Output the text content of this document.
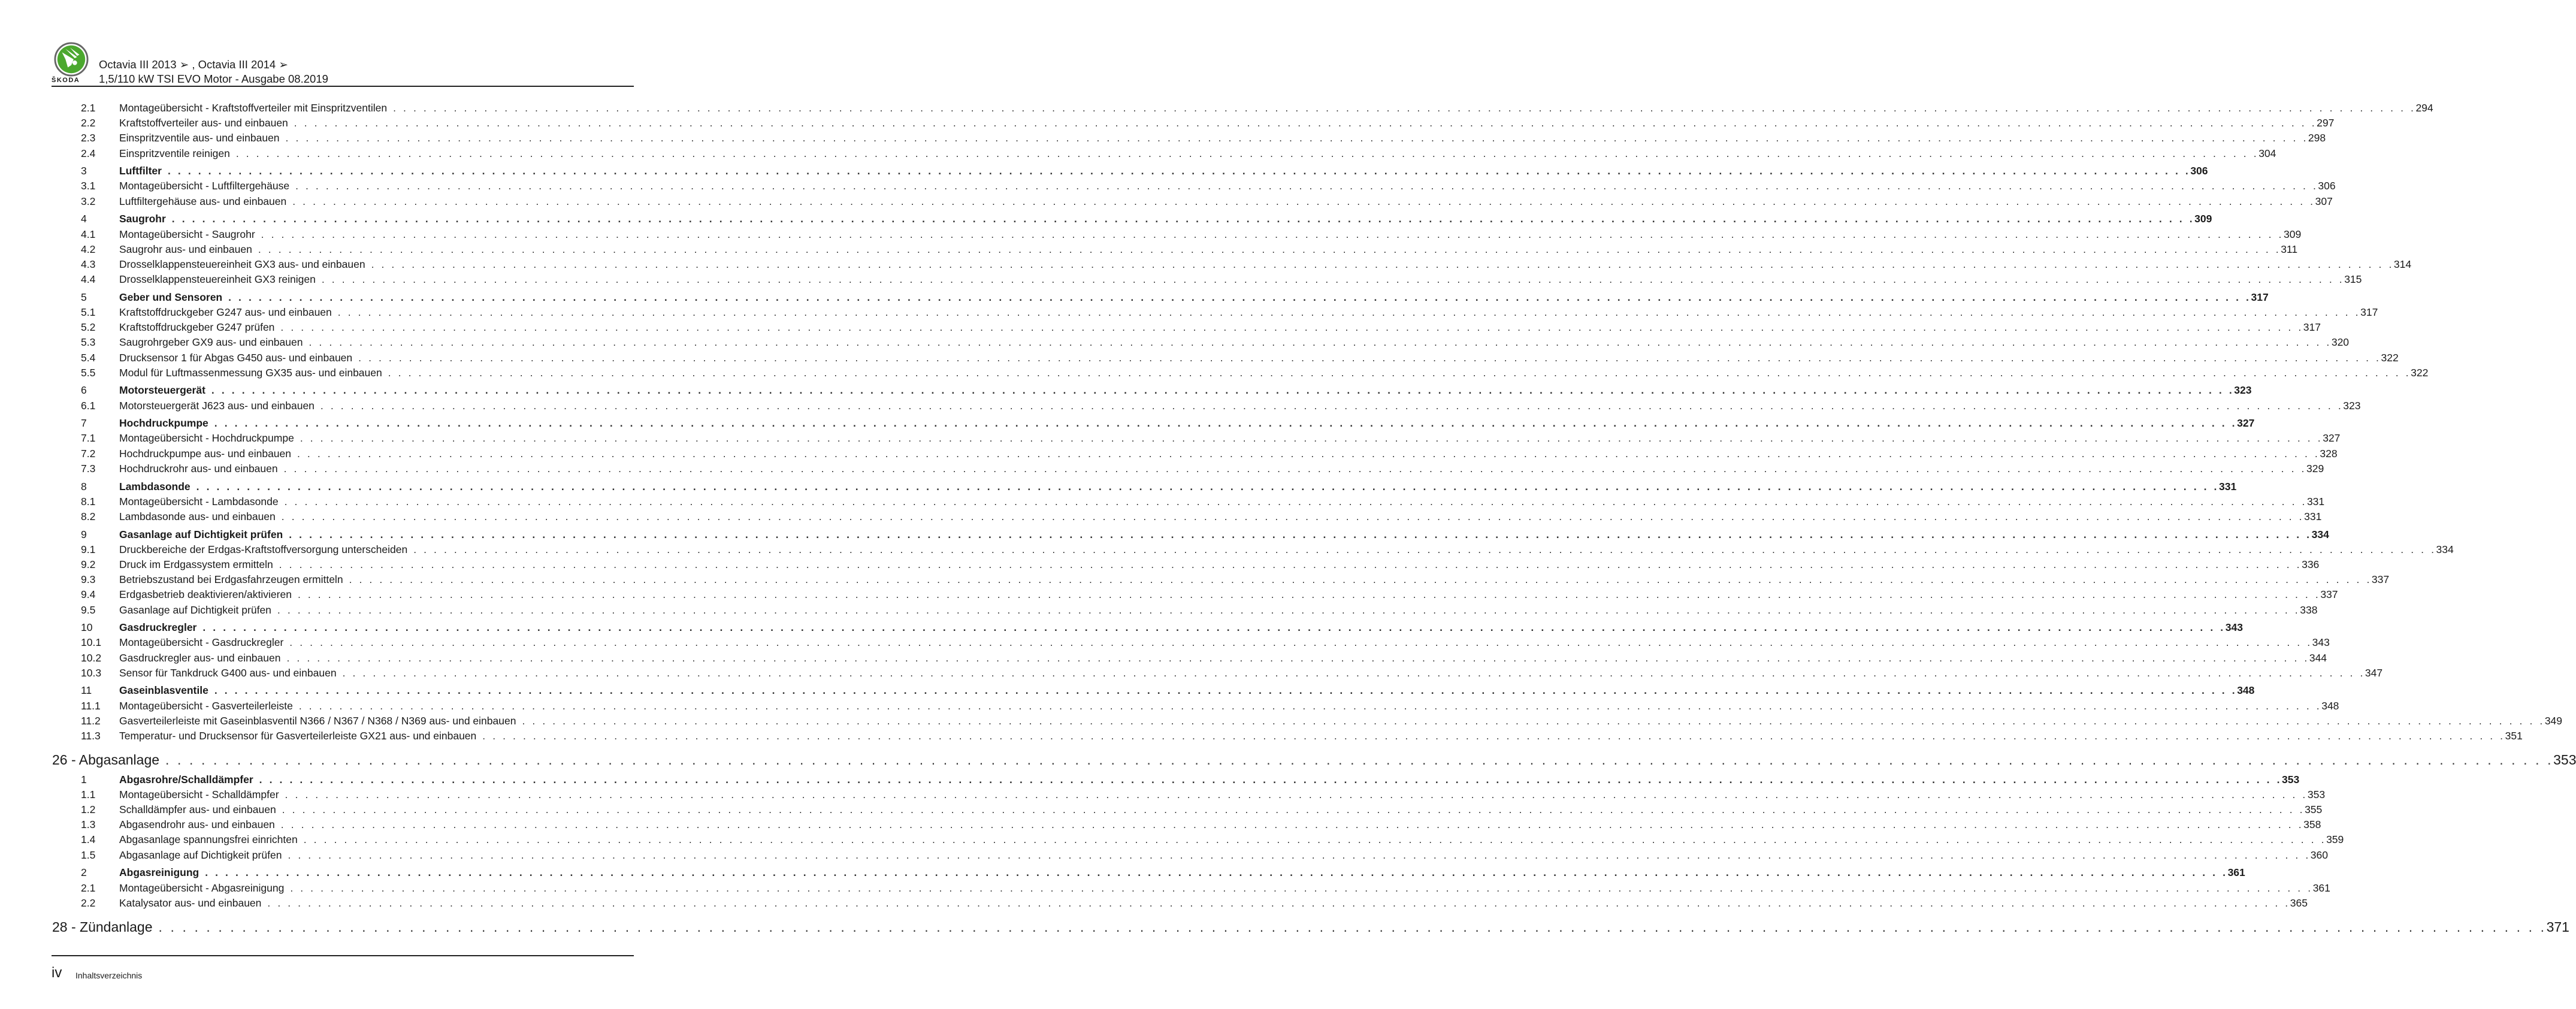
ŠKODA
Octavia III 2013 ➢ , Octavia III 2014 ➢
1,5/110 kW TSI EVO Motor - Ausgabe 08.2019
2.1 Montageübersicht - Kraftstoffverteiler mit Einspritzventilen . . . . . . . . . . . . . . . . . . . . . . . . . . . . . . . . . . . . . . . . . . . . . . . . . . . . . . . . . . . . . . . . . . . . . . . . . . . . . . . . . . . . . . . . . . . . . . . . . . . . . . . . . . . . . . . . . . . . . . . . . . . . . . . . . . . . . . . . . . . . . . . . . . . . . . . . . . . . . . . . . . . . . . . . . . . . . . . . . . . . . . . . . . . . . . . . . . . . . . . . 294
2.2 Kraftstoffverteiler aus- und einbauen . . . . . . . . . . . . . . . . . . . . . . . . . . . . . . . . . . . . . . . . . . . . . . . . . . . . . . . . . . . . . . . . . . . . . . . . . . . . . . . . . . . . . . . . . . . . . . . . . . . . . . . . . . . . . . . . . . . . . . . . . . . . . . . . . . . . . . . . . . . . . . . . . . . . . . . . . . . . . . . . . . . . . . . . . . . . . . . . . . . . . . . . . . . . . . . . . . . . . . . . 297
2.3 Einspritzventile aus- und einbauen . . . . . . . . . . . . . . . . . . . . . . . . . . . . . . . . . . . . . . . . . . . . . . . . . . . . . . . . . . . . . . . . . . . . . . . . . . . . . . . . . . . . . . . . . . . . . . . . . . . . . . . . . . . . . . . . . . . . . . . . . . . . . . . . . . . . . . . . . . . . . . . . . . . . . . . . . . . . . . . . . . . . . . . . . . . . . . . . . . . . . . . . . . . . . . . . . . . . . . . . 298
2.4 Einspritzventile reinigen . . . . . . . . . . . . . . . . . . . . . . . . . . . . . . . . . . . . . . . . . . . . . . . . . . . . . . . . . . . . . . . . . . . . . . . . . . . . . . . . . . . . . . . . . . . . . . . . . . . . . . . . . . . . . . . . . . . . . . . . . . . . . . . . . . . . . . . . . . . . . . . . . . . . . . . . . . . . . . . . . . . . . . . . . . . . . . . . . . . . . . . . . . . . . . . . . . . . . . . . 304
3	Luftfilter . . . . . . . . . . . . . . . . . . . . . . . . . . . . . . . . . . . . . . . . . . . . . . . . . . . . . . . . . . . . . . . . . . . . . . . . . . . . . . . . . . . . . . . . . . . . . . . . . . . . . . . . . . . . . . . . . . . . . . . . . . . . . . . . . . . . . . . . . . . . . . . . . . . . . . . . . . . . . . . . . . . . . . . . . . . . . . . . . . . . . . . . . . . . . . . . . . . . . . . . 306
3.1 Montageübersicht - Luftfiltergehäuse . . . . . . . . . . . . . . . . . . . . . . . . . . . . . . . . . . . . . . . . . . . . . . . . . . . . . . . . . . . . . . . . . . . . . . . . . . . . . . . . . . . . . . . . . . . . . . . . . . . . . . . . . . . . . . . . . . . . . . . . . . . . . . . . . . . . . . . . . . . . . . . . . . . . . . . . . . . . . . . . . . . . . . . . . . . . . . . . . . . . . . . . . . . . . . . . . . . . . . . . 306
3.2 Luftfiltergehäuse aus- und einbauen . . . . . . . . . . . . . . . . . . . . . . . . . . . . . . . . . . . . . . . . . . . . . . . . . . . . . . . . . . . . . . . . . . . . . . . . . . . . . . . . . . . . . . . . . . . . . . . . . . . . . . . . . . . . . . . . . . . . . . . . . . . . . . . . . . . . . . . . . . . . . . . . . . . . . . . . . . . . . . . . . . . . . . . . . . . . . . . . . . . . . . . . . . . . . . . . . . . . . . . . 307
4	Saugrohr . . . . . . . . . . . . . . . . . . . . . . . . . . . . . . . . . . . . . . . . . . . . . . . . . . . . . . . . . . . . . . . . . . . . . . . . . . . . . . . . . . . . . . . . . . . . . . . . . . . . . . . . . . . . . . . . . . . . . . . . . . . . . . . . . . . . . . . . . . . . . . . . . . . . . . . . . . . . . . . . . . . . . . . . . . . . . . . . . . . . . . . . . . . . . . . . . . . . . . . . 309
4.1 Montageübersicht - Saugrohr . . . . . . . . . . . . . . . . . . . . . . . . . . . . . . . . . . . . . . . . . . . . . . . . . . . . . . . . . . . . . . . . . . . . . . . . . . . . . . . . . . . . . . . . . . . . . . . . . . . . . . . . . . . . . . . . . . . . . . . . . . . . . . . . . . . . . . . . . . . . . . . . . . . . . . . . . . . . . . . . . . . . . . . . . . . . . . . . . . . . . . . . . . . . . . . . . . . . . . . . 309
4.2 Saugrohr aus- und einbauen . . . . . . . . . . . . . . . . . . . . . . . . . . . . . . . . . . . . . . . . . . . . . . . . . . . . . . . . . . . . . . . . . . . . . . . . . . . . . . . . . . . . . . . . . . . . . . . . . . . . . . . . . . . . . . . . . . . . . . . . . . . . . . . . . . . . . . . . . . . . . . . . . . . . . . . . . . . . . . . . . . . . . . . . . . . . . . . . . . . . . . . . . . . . . . . . . . . . . . . . 311
4.3 Drosselklappensteuereinheit GX3 aus- und einbauen . . . . . . . . . . . . . . . . . . . . . . . . . . . . . . . . . . . . . . . . . . . . . . . . . . . . . . . . . . . . . . . . . . . . . . . . . . . . . . . . . . . . . . . . . . . . . . . . . . . . . . . . . . . . . . . . . . . . . . . . . . . . . . . . . . . . . . . . . . . . . . . . . . . . . . . . . . . . . . . . . . . . . . . . . . . . . . . . . . . . . . . . . . . . . . . . . . . . . . . . 314
4.4 Drosselklappensteuereinheit GX3 reinigen . . . . . . . . . . . . . . . . . . . . . . . . . . . . . . . . . . . . . . . . . . . . . . . . . . . . . . . . . . . . . . . . . . . . . . . . . . . . . . . . . . . . . . . . . . . . . . . . . . . . . . . . . . . . . . . . . . . . . . . . . . . . . . . . . . . . . . . . . . . . . . . . . . . . . . . . . . . . . . . . . . . . . . . . . . . . . . . . . . . . . . . . . . . . . . . . . . . . . . . . 315
5	Geber und Sensoren . . . . . . . . . . . . . . . . . . . . . . . . . . . . . . . . . . . . . . . . . . . . . . . . . . . . . . . . . . . . . . . . . . . . . . . . . . . . . . . . . . . . . . . . . . . . . . . . . . . . . . . . . . . . . . . . . . . . . . . . . . . . . . . . . . . . . . . . . . . . . . . . . . . . . . . . . . . . . . . . . . . . . . . . . . . . . . . . . . . . . . . . . . . . . . . . . . . . . . . . 317
5.1 Kraftstoffdruckgeber G247 aus- und einbauen . . . . . . . . . . . . . . . . . . . . . . . . . . . . . . . . . . . . . . . . . . . . . . . . . . . . . . . . . . . . . . . . . . . . . . . . . . . . . . . . . . . . . . . . . . . . . . . . . . . . . . . . . . . . . . . . . . . . . . . . . . . . . . . . . . . . . . . . . . . . . . . . . . . . . . . . . . . . . . . . . . . . . . . . . . . . . . . . . . . . . . . . . . . . . . . . . . . . . . . . 317
5.2 Kraftstoffdruckgeber G247 prüfen . . . . . . . . . . . . . . . . . . . . . . . . . . . . . . . . . . . . . . . . . . . . . . . . . . . . . . . . . . . . . . . . . . . . . . . . . . . . . . . . . . . . . . . . . . . . . . . . . . . . . . . . . . . . . . . . . . . . . . . . . . . . . . . . . . . . . . . . . . . . . . . . . . . . . . . . . . . . . . . . . . . . . . . . . . . . . . . . . . . . . . . . . . . . . . . . . . . . . . . . 317
5.3 Saugrohrgeber GX9 aus- und einbauen . . . . . . . . . . . . . . . . . . . . . . . . . . . . . . . . . . . . . . . . . . . . . . . . . . . . . . . . . . . . . . . . . . . . . . . . . . . . . . . . . . . . . . . . . . . . . . . . . . . . . . . . . . . . . . . . . . . . . . . . . . . . . . . . . . . . . . . . . . . . . . . . . . . . . . . . . . . . . . . . . . . . . . . . . . . . . . . . . . . . . . . . . . . . . . . . . . . . . . . . 320
5.4 Drucksensor 1 für Abgas G450 aus- und einbauen . . . . . . . . . . . . . . . . . . . . . . . . . . . . . . . . . . . . . . . . . . . . . . . . . . . . . . . . . . . . . . . . . . . . . . . . . . . . . . . . . . . . . . . . . . . . . . . . . . . . . . . . . . . . . . . . . . . . . . . . . . . . . . . . . . . . . . . . . . . . . . . . . . . . . . . . . . . . . . . . . . . . . . . . . . . . . . . . . . . . . . . . . . . . . . . . . . . . . . . . 322
5.5 Modul für Luftmassenmessung GX35 aus- und einbauen . . . . . . . . . . . . . . . . . . . . . . . . . . . . . . . . . . . . . . . . . . . . . . . . . . . . . . . . . . . . . . . . . . . . . . . . . . . . . . . . . . . . . . . . . . . . . . . . . . . . . . . . . . . . . . . . . . . . . . . . . . . . . . . . . . . . . . . . . . . . . . . . . . . . . . . . . . . . . . . . . . . . . . . . . . . . . . . . . . . . . . . . . . . . . . . . . . . . . . . . 322
6	Motorsteuergerät . . . . . . . . . . . . . . . . . . . . . . . . . . . . . . . . . . . . . . . . . . . . . . . . . . . . . . . . . . . . . . . . . . . . . . . . . . . . . . . . . . . . . . . . . . . . . . . . . . . . . . . . . . . . . . . . . . . . . . . . . . . . . . . . . . . . . . . . . . . . . . . . . . . . . . . . . . . . . . . . . . . . . . . . . . . . . . . . . . . . . . . . . . . . . . . . . . . . . . . . 323
6.1 Motorsteuergerät J623 aus- und einbauen . . . . . . . . . . . . . . . . . . . . . . . . . . . . . . . . . . . . . . . . . . . . . . . . . . . . . . . . . . . . . . . . . . . . . . . . . . . . . . . . . . . . . . . . . . . . . . . . . . . . . . . . . . . . . . . . . . . . . . . . . . . . . . . . . . . . . . . . . . . . . . . . . . . . . . . . . . . . . . . . . . . . . . . . . . . . . . . . . . . . . . . . . . . . . . . . . . . . . . . . 323
7	Hochdruckpumpe . . . . . . . . . . . . . . . . . . . . . . . . . . . . . . . . . . . . . . . . . . . . . . . . . . . . . . . . . . . . . . . . . . . . . . . . . . . . . . . . . . . . . . . . . . . . . . . . . . . . . . . . . . . . . . . . . . . . . . . . . . . . . . . . . . . . . . . . . . . . . . . . . . . . . . . . . . . . . . . . . . . . . . . . . . . . . . . . . . . . . . . . . . . . . . . . . . . . . . . . 327
7.1 Montageübersicht - Hochdruckpumpe . . . . . . . . . . . . . . . . . . . . . . . . . . . . . . . . . . . . . . . . . . . . . . . . . . . . . . . . . . . . . . . . . . . . . . . . . . . . . . . . . . . . . . . . . . . . . . . . . . . . . . . . . . . . . . . . . . . . . . . . . . . . . . . . . . . . . . . . . . . . . . . . . . . . . . . . . . . . . . . . . . . . . . . . . . . . . . . . . . . . . . . . . . . . . . . . . . . . . . . . 327
7.2 Hochdruckpumpe aus- und einbauen . . . . . . . . . . . . . . . . . . . . . . . . . . . . . . . . . . . . . . . . . . . . . . . . . . . . . . . . . . . . . . . . . . . . . . . . . . . . . . . . . . . . . . . . . . . . . . . . . . . . . . . . . . . . . . . . . . . . . . . . . . . . . . . . . . . . . . . . . . . . . . . . . . . . . . . . . . . . . . . . . . . . . . . . . . . . . . . . . . . . . . . . . . . . . . . . . . . . . . . . 328
7.3 Hochdruckrohr aus- und einbauen . . . . . . . . . . . . . . . . . . . . . . . . . . . . . . . . . . . . . . . . . . . . . . . . . . . . . . . . . . . . . . . . . . . . . . . . . . . . . . . . . . . . . . . . . . . . . . . . . . . . . . . . . . . . . . . . . . . . . . . . . . . . . . . . . . . . . . . . . . . . . . . . . . . . . . . . . . . . . . . . . . . . . . . . . . . . . . . . . . . . . . . . . . . . . . . . . . . . . . . . 329
8	Lambdasonde . . . . . . . . . . . . . . . . . . . . . . . . . . . . . . . . . . . . . . . . . . . . . . . . . . . . . . . . . . . . . . . . . . . . . . . . . . . . . . . . . . . . . . . . . . . . . . . . . . . . . . . . . . . . . . . . . . . . . . . . . . . . . . . . . . . . . . . . . . . . . . . . . . . . . . . . . . . . . . . . . . . . . . . . . . . . . . . . . . . . . . . . . . . . . . . . . . . . . . . . 331
8.1 Montageübersicht - Lambdasonde . . . . . . . . . . . . . . . . . . . . . . . . . . . . . . . . . . . . . . . . . . . . . . . . . . . . . . . . . . . . . . . . . . . . . . . . . . . . . . . . . . . . . . . . . . . . . . . . . . . . . . . . . . . . . . . . . . . . . . . . . . . . . . . . . . . . . . . . . . . . . . . . . . . . . . . . . . . . . . . . . . . . . . . . . . . . . . . . . . . . . . . . . . . . . . . . . . . . . . . . 331
8.2 Lambdasonde aus- und einbauen . . . . . . . . . . . . . . . . . . . . . . . . . . . . . . . . . . . . . . . . . . . . . . . . . . . . . . . . . . . . . . . . . . . . . . . . . . . . . . . . . . . . . . . . . . . . . . . . . . . . . . . . . . . . . . . . . . . . . . . . . . . . . . . . . . . . . . . . . . . . . . . . . . . . . . . . . . . . . . . . . . . . . . . . . . . . . . . . . . . . . . . . . . . . . . . . . . . . . . . . 331
9	Gasanlage auf Dichtigkeit prüfen . . . . . . . . . . . . . . . . . . . . . . . . . . . . . . . . . . . . . . . . . . . . . . . . . . . . . . . . . . . . . . . . . . . . . . . . . . . . . . . . . . . . . . . . . . . . . . . . . . . . . . . . . . . . . . . . . . . . . . . . . . . . . . . . . . . . . . . . . . . . . . . . . . . . . . . . . . . . . . . . . . . . . . . . . . . . . . . . . . . . . . . . . . . . . . . . . . . . . . . . 334
9.1 Druckbereiche der Erdgas-Kraftstoffversorgung unterscheiden . . . . . . . . . . . . . . . . . . . . . . . . . . . . . . . . . . . . . . . . . . . . . . . . . . . . . . . . . . . . . . . . . . . . . . . . . . . . . . . . . . . . . . . . . . . . . . . . . . . . . . . . . . . . . . . . . . . . . . . . . . . . . . . . . . . . . . . . . . . . . . . . . . . . . . . . . . . . . . . . . . . . . . . . . . . . . . . . . . . . . . . . . . . . . . . . . . . . . . . . 334
9.2 Druck im Erdgassystem ermitteln . . . . . . . . . . . . . . . . . . . . . . . . . . . . . . . . . . . . . . . . . . . . . . . . . . . . . . . . . . . . . . . . . . . . . . . . . . . . . . . . . . . . . . . . . . . . . . . . . . . . . . . . . . . . . . . . . . . . . . . . . . . . . . . . . . . . . . . . . . . . . . . . . . . . . . . . . . . . . . . . . . . . . . . . . . . . . . . . . . . . . . . . . . . . . . . . . . . . . . . . 336
9.3 Betriebszustand bei Erdgasfahrzeugen ermitteln . . . . . . . . . . . . . . . . . . . . . . . . . . . . . . . . . . . . . . . . . . . . . . . . . . . . . . . . . . . . . . . . . . . . . . . . . . . . . . . . . . . . . . . . . . . . . . . . . . . . . . . . . . . . . . . . . . . . . . . . . . . . . . . . . . . . . . . . . . . . . . . . . . . . . . . . . . . . . . . . . . . . . . . . . . . . . . . . . . . . . . . . . . . . . . . . . . . . . . . . 337
9.4 Erdgasbetrieb deaktivieren/aktivieren . . . . . . . . . . . . . . . . . . . . . . . . . . . . . . . . . . . . . . . . . . . . . . . . . . . . . . . . . . . . . . . . . . . . . . . . . . . . . . . . . . . . . . . . . . . . . . . . . . . . . . . . . . . . . . . . . . . . . . . . . . . . . . . . . . . . . . . . . . . . . . . . . . . . . . . . . . . . . . . . . . . . . . . . . . . . . . . . . . . . . . . . . . . . . . . . . . . . . . . . 337
9.5 Gasanlage auf Dichtigkeit prüfen . . . . . . . . . . . . . . . . . . . . . . . . . . . . . . . . . . . . . . . . . . . . . . . . . . . . . . . . . . . . . . . . . . . . . . . . . . . . . . . . . . . . . . . . . . . . . . . . . . . . . . . . . . . . . . . . . . . . . . . . . . . . . . . . . . . . . . . . . . . . . . . . . . . . . . . . . . . . . . . . . . . . . . . . . . . . . . . . . . . . . . . . . . . . . . . . . . . . . . . . 338
10	Gasdruckregler . . . . . . . . . . . . . . . . . . . . . . . . . . . . . . . . . . . . . . . . . . . . . . . . . . . . . . . . . . . . . . . . . . . . . . . . . . . . . . . . . . . . . . . . . . . . . . . . . . . . . . . . . . . . . . . . . . . . . . . . . . . . . . . . . . . . . . . . . . . . . . . . . . . . . . . . . . . . . . . . . . . . . . . . . . . . . . . . . . . . . . . . . . . . . . . . . . . . . . . . 343
10.1 Montageübersicht - Gasdruckregler . . . . . . . . . . . . . . . . . . . . . . . . . . . . . . . . . . . . . . . . . . . . . . . . . . . . . . . . . . . . . . . . . . . . . . . . . . . . . . . . . . . . . . . . . . . . . . . . . . . . . . . . . . . . . . . . . . . . . . . . . . . . . . . . . . . . . . . . . . . . . . . . . . . . . . . . . . . . . . . . . . . . . . . . . . . . . . . . . . . . . . . . . . . . . . . . . . . . . . . . 343
10.2 Gasdruckregler aus- und einbauen . . . . . . . . . . . . . . . . . . . . . . . . . . . . . . . . . . . . . . . . . . . . . . . . . . . . . . . . . . . . . . . . . . . . . . . . . . . . . . . . . . . . . . . . . . . . . . . . . . . . . . . . . . . . . . . . . . . . . . . . . . . . . . . . . . . . . . . . . . . . . . . . . . . . . . . . . . . . . . . . . . . . . . . . . . . . . . . . . . . . . . . . . . . . . . . . . . . . . . . . 344
10.3 Sensor für Tankdruck G400 aus- und einbauen . . . . . . . . . . . . . . . . . . . . . . . . . . . . . . . . . . . . . . . . . . . . . . . . . . . . . . . . . . . . . . . . . . . . . . . . . . . . . . . . . . . . . . . . . . . . . . . . . . . . . . . . . . . . . . . . . . . . . . . . . . . . . . . . . . . . . . . . . . . . . . . . . . . . . . . . . . . . . . . . . . . . . . . . . . . . . . . . . . . . . . . . . . . . . . . . . . . . . . . . 347
11	Gaseinblasventile . . . . . . . . . . . . . . . . . . . . . . . . . . . . . . . . . . . . . . . . . . . . . . . . . . . . . . . . . . . . . . . . . . . . . . . . . . . . . . . . . . . . . . . . . . . . . . . . . . . . . . . . . . . . . . . . . . . . . . . . . . . . . . . . . . . . . . . . . . . . . . . . . . . . . . . . . . . . . . . . . . . . . . . . . . . . . . . . . . . . . . . . . . . . . . . . . . . . . . . . 348
11.1 Montageübersicht - Gasverteilerleiste . . . . . . . . . . . . . . . . . . . . . . . . . . . . . . . . . . . . . . . . . . . . . . . . . . . . . . . . . . . . . . . . . . . . . . . . . . . . . . . . . . . . . . . . . . . . . . . . . . . . . . . . . . . . . . . . . . . . . . . . . . . . . . . . . . . . . . . . . . . . . . . . . . . . . . . . . . . . . . . . . . . . . . . . . . . . . . . . . . . . . . . . . . . . . . . . . . . . . . . . 348
11.2 Gasverteilerleiste mit Gaseinblasventil N366 / N367 / N368 / N369 aus- und einbauen . . . . . . . . . . . . . . . . . . . . . . . . . . . . . . . . . . . . . . . . . . . . . . . . . . . . . . . . . . . . . . . . . . . . . . . . . . . . . . . . . . . . . . . . . . . . . . . . . . . . . . . . . . . . . . . . . . . . . . . . . . . . . . . . . . . . . . . . . . . . . . . . . . . . . . . . . . . . . . . . . . . . . . . . . . . . . . . . . . . . . . . . . . . . . . . . . . . . . . . . 349
11.3 Temperatur- und Drucksensor für Gasverteilerleiste GX21 aus- und einbauen . . . . . . . . . . . . . . . . . . . . . . . . . . . . . . . . . . . . . . . . . . . . . . . . . . . . . . . . . . . . . . . . . . . . . . . . . . . . . . . . . . . . . . . . . . . . . . . . . . . . . . . . . . . . . . . . . . . . . . . . . . . . . . . . . . . . . . . . . . . . . . . . . . . . . . . . . . . . . . . . . . . . . . . . . . . . . . . . . . . . . . . . . . . . . . . . . . . . . . . . 351
26 - Abgasanlage . . . . . . . . . . . . . . . . . . . . . . . . . . . . . . . . . . . . . . . . . . . . . . . . . . . . . . . . . . . . . . . . . . . . . . . . . . . . . . . . . . . . . . . . . . . . . . . . . . . . . . . . . . . . . . . . . . . . . . . . . . . . . . . . . . . . . . . . . . . . . . . . . . . . . . . . . . . . . . . . . . . . . . . . . . . . . . . . . . . . . . . . . . . . . . . . . . . . . . . . 353
1	Abgasrohre/Schalldämpfer . . . . . . . . . . . . . . . . . . . . . . . . . . . . . . . . . . . . . . . . . . . . . . . . . . . . . . . . . . . . . . . . . . . . . . . . . . . . . . . . . . . . . . . . . . . . . . . . . . . . . . . . . . . . . . . . . . . . . . . . . . . . . . . . . . . . . . . . . . . . . . . . . . . . . . . . . . . . . . . . . . . . . . . . . . . . . . . . . . . . . . . . . . . . . . . . . . . . . . . . 353
1.1 Montageübersicht - Schalldämpfer . . . . . . . . . . . . . . . . . . . . . . . . . . . . . . . . . . . . . . . . . . . . . . . . . . . . . . . . . . . . . . . . . . . . . . . . . . . . . . . . . . . . . . . . . . . . . . . . . . . . . . . . . . . . . . . . . . . . . . . . . . . . . . . . . . . . . . . . . . . . . . . . . . . . . . . . . . . . . . . . . . . . . . . . . . . . . . . . . . . . . . . . . . . . . . . . . . . . . . . . 353
1.2 Schalldämpfer aus- und einbauen . . . . . . . . . . . . . . . . . . . . . . . . . . . . . . . . . . . . . . . . . . . . . . . . . . . . . . . . . . . . . . . . . . . . . . . . . . . . . . . . . . . . . . . . . . . . . . . . . . . . . . . . . . . . . . . . . . . . . . . . . . . . . . . . . . . . . . . . . . . . . . . . . . . . . . . . . . . . . . . . . . . . . . . . . . . . . . . . . . . . . . . . . . . . . . . . . . . . . . . . 355
1.3 Abgasendrohr aus- und einbauen . . . . . . . . . . . . . . . . . . . . . . . . . . . . . . . . . . . . . . . . . . . . . . . . . . . . . . . . . . . . . . . . . . . . . . . . . . . . . . . . . . . . . . . . . . . . . . . . . . . . . . . . . . . . . . . . . . . . . . . . . . . . . . . . . . . . . . . . . . . . . . . . . . . . . . . . . . . . . . . . . . . . . . . . . . . . . . . . . . . . . . . . . . . . . . . . . . . . . . . . 358
1.4 Abgasanlage spannungsfrei einrichten . . . . . . . . . . . . . . . . . . . . . . . . . . . . . . . . . . . . . . . . . . . . . . . . . . . . . . . . . . . . . . . . . . . . . . . . . . . . . . . . . . . . . . . . . . . . . . . . . . . . . . . . . . . . . . . . . . . . . . . . . . . . . . . . . . . . . . . . . . . . . . . . . . . . . . . . . . . . . . . . . . . . . . . . . . . . . . . . . . . . . . . . . . . . . . . . . . . . . . . . 359
1.5 Abgasanlage auf Dichtigkeit prüfen . . . . . . . . . . . . . . . . . . . . . . . . . . . . . . . . . . . . . . . . . . . . . . . . . . . . . . . . . . . . . . . . . . . . . . . . . . . . . . . . . . . . . . . . . . . . . . . . . . . . . . . . . . . . . . . . . . . . . . . . . . . . . . . . . . . . . . . . . . . . . . . . . . . . . . . . . . . . . . . . . . . . . . . . . . . . . . . . . . . . . . . . . . . . . . . . . . . . . . . . 360
2	Abgasreinigung . . . . . . . . . . . . . . . . . . . . . . . . . . . . . . . . . . . . . . . . . . . . . . . . . . . . . . . . . . . . . . . . . . . . . . . . . . . . . . . . . . . . . . . . . . . . . . . . . . . . . . . . . . . . . . . . . . . . . . . . . . . . . . . . . . . . . . . . . . . . . . . . . . . . . . . . . . . . . . . . . . . . . . . . . . . . . . . . . . . . . . . . . . . . . . . . . . . . . . . . 361
2.1 Montageübersicht - Abgasreinigung . . . . . . . . . . . . . . . . . . . . . . . . . . . . . . . . . . . . . . . . . . . . . . . . . . . . . . . . . . . . . . . . . . . . . . . . . . . . . . . . . . . . . . . . . . . . . . . . . . . . . . . . . . . . . . . . . . . . . . . . . . . . . . . . . . . . . . . . . . . . . . . . . . . . . . . . . . . . . . . . . . . . . . . . . . . . . . . . . . . . . . . . . . . . . . . . . . . . . . . . 361
2.2 Katalysator aus- und einbauen . . . . . . . . . . . . . . . . . . . . . . . . . . . . . . . . . . . . . . . . . . . . . . . . . . . . . . . . . . . . . . . . . . . . . . . . . . . . . . . . . . . . . . . . . . . . . . . . . . . . . . . . . . . . . . . . . . . . . . . . . . . . . . . . . . . . . . . . . . . . . . . . . . . . . . . . . . . . . . . . . . . . . . . . . . . . . . . . . . . . . . . . . . . . . . . . . . . . . . . . 365
28 - Zündanlage . . . . . . . . . . . . . . . . . . . . . . . . . . . . . . . . . . . . . . . . . . . . . . . . . . . . . . . . . . . . . . . . . . . . . . . . . . . . . . . . . . . . . . . . . . . . . . . . . . . . . . . . . . . . . . . . . . . . . . . . . . . . . . . . . . . . . . . . . . . . . . . . . . . . . . . . . . . . . . . . . . . . . . . . . . . . . . . . . . . . . . . . . . . . . . . . . . . . . . . . 371
iv Inhaltsverzeichnis
